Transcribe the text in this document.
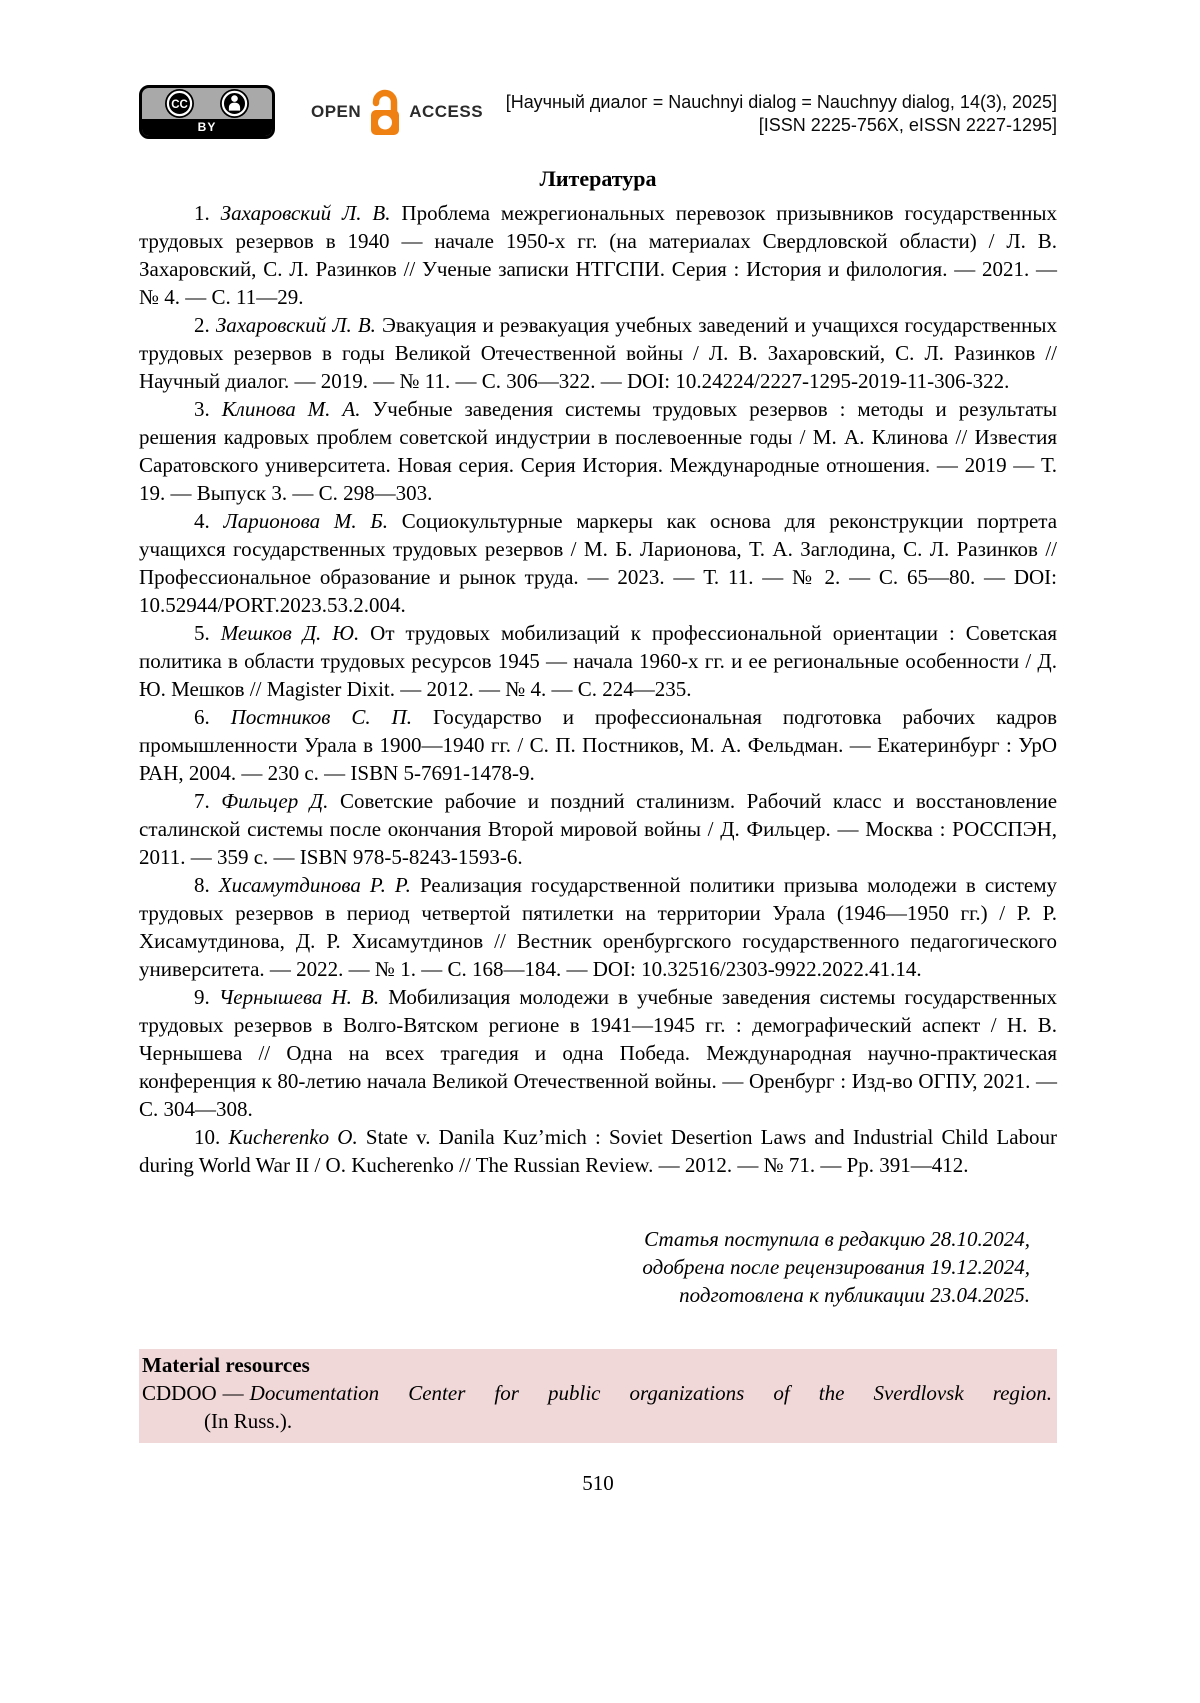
CC
BY
OPEN	ACCESS [Научный диалог = Nauchnyi dialog = Nauchnyy dialog, 14(3), 2025]
[ISSN 2225-756X, eISSN 2227-1295]
Литература

1. Захаровский Л. В. Проблема межрегиональных перевозок призывников государственных трудовых резервов в 1940 — начале 1950-х гг. (на материалах Свердловской области) / Л. В. Захаровский, С. Л. Разинков // Ученые записки НТГСПИ. Серия : История и филология. — 2021. — № 4. — С. 11—29.

2. Захаровский Л. В. Эвакуация и реэвакуация учебных заведений и учащихся государственных трудовых резервов в годы Великой Отечественной войны / Л. В. Захаровский, С. Л. Разинков // Научный диалог. — 2019. — № 11. — С. 306—322. — DOI: 10.24224/2227-1295-2019-11-306-322.

3. Клинова М. А. Учебные заведения системы трудовых резервов : методы и результаты решения кадровых проблем советской индустрии в послевоенные годы / М. А. Клинова // Известия Саратовского университета. Новая серия. Серия История. Международные отношения. — 2019 — Т. 19. — Выпуск 3. — С. 298—303.

4. Ларионова М. Б. Социокультурные маркеры как основа для реконструкции портрета учащихся государственных трудовых резервов / М. Б. Ларионова, Т. А. Заглодина, С. Л. Разинков // Профессиональное образование и рынок труда. — 2023. — Т. 11. — № 2. — С. 65—80. — DOI: 10.52944/PORT.2023.53.2.004.

5. Мешков Д. Ю. От трудовых мобилизаций к профессиональной ориентации : Советская политика в области трудовых ресурсов 1945 — начала 1960-х гг. и ее региональные особенности / Д. Ю. Мешков // Magister Dixit. — 2012. — № 4. — С. 224—235.

6. Постников С. П. Государство и профессиональная подготовка рабочих кадров промышленности Урала в 1900—1940 гг. / С. П. Постников, М. А. Фельдман. — Екатеринбург : УрО РАН, 2004. — 230 с. — ISBN 5-7691-1478-9.

7. Фильцер Д. Советские рабочие и поздний сталинизм. Рабочий класс и восстановление сталинской системы после окончания Второй мировой войны / Д. Фильцер. — Москва : РОССПЭН, 2011. — 359 с. — ISBN 978-5-8243-1593-6.

8. Хисамутдинова Р. Р. Реализация государственной политики призыва молодежи в систему трудовых резервов в период четвертой пятилетки на территории Урала (1946—1950 гг.) / Р. Р. Хисамутдинова, Д. Р. Хисамутдинов // Вестник оренбургского государственного педагогического университета. — 2022. — № 1. — С. 168—184. — DOI: 10.32516/2303-9922.2022.41.14.

9. Чернышева Н. В. Мобилизация молодежи в учебные заведения системы государственных трудовых резервов в Волго-Вятском регионе в 1941—1945 гг. : демографический аспект / Н. В. Чернышева // Одна на всех трагедия и одна Победа. Международная научно-практическая конференция к 80-летию начала Великой Отечественной войны. — Оренбург : Изд-во ОГПУ, 2021. — С. 304—308.

10. Kucherenko O. State v. Danila Kuz’mich : Soviet Desertion Laws and Industrial Child Labour during World War II / O. Kucherenko // The Russian Review. — 2012. — № 71. — Pp. 391—412.

Статья поступила в редакцию 28.10.2024,
одобрена после рецензирования 19.12.2024,
подготовлена к публикации 23.04.2025.
Material resources

CDDOO — Documentation Center for public organizations of the Sverdlovsk region.

(In Russ.).

510
